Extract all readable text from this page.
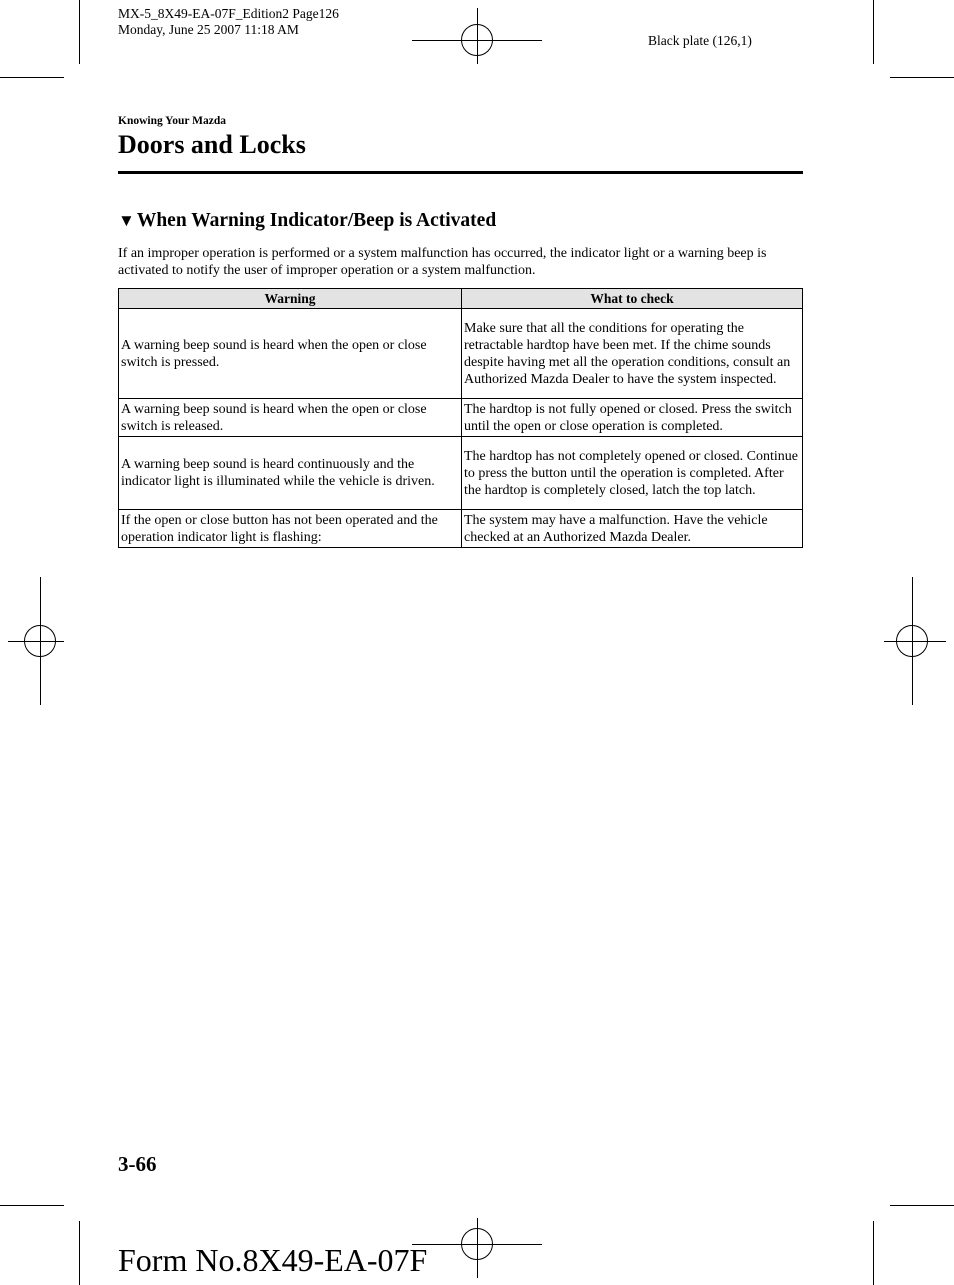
MX-5_8X49-EA-07F_Edition2 Page126
Monday, June 25 2007 11:18 AM
Black plate (126,1)
Knowing Your Mazda
Doors and Locks
▼ When Warning Indicator/Beep is Activated

If an improper operation is performed or a system malfunction has occurred, the indicator light or a warning beep is activated to notify the user of improper operation or a system malfunction.

Warning	What to check
A warning beep sound is heard when the open or close switch is pressed.	Make sure that all the conditions for operating the retractable hardtop have been met. If the chime sounds despite having met all the operation conditions, consult an Authorized Mazda Dealer to have the system inspected.
A warning beep sound is heard when the open or close switch is released.	The hardtop is not fully opened or closed. Press the switch until the open or close operation is completed.
A warning beep sound is heard continuously and the indicator light is illuminated while the vehicle is driven.	The hardtop has not completely opened or closed. Continue to press the button until the operation is completed. After the hardtop is completely closed, latch the top latch.
If the open or close button has not been operated and the operation indicator light is flashing:	The system may have a malfunction. Have the vehicle checked at an Authorized Mazda Dealer.
3-66
Form No.8X49-EA-07F
